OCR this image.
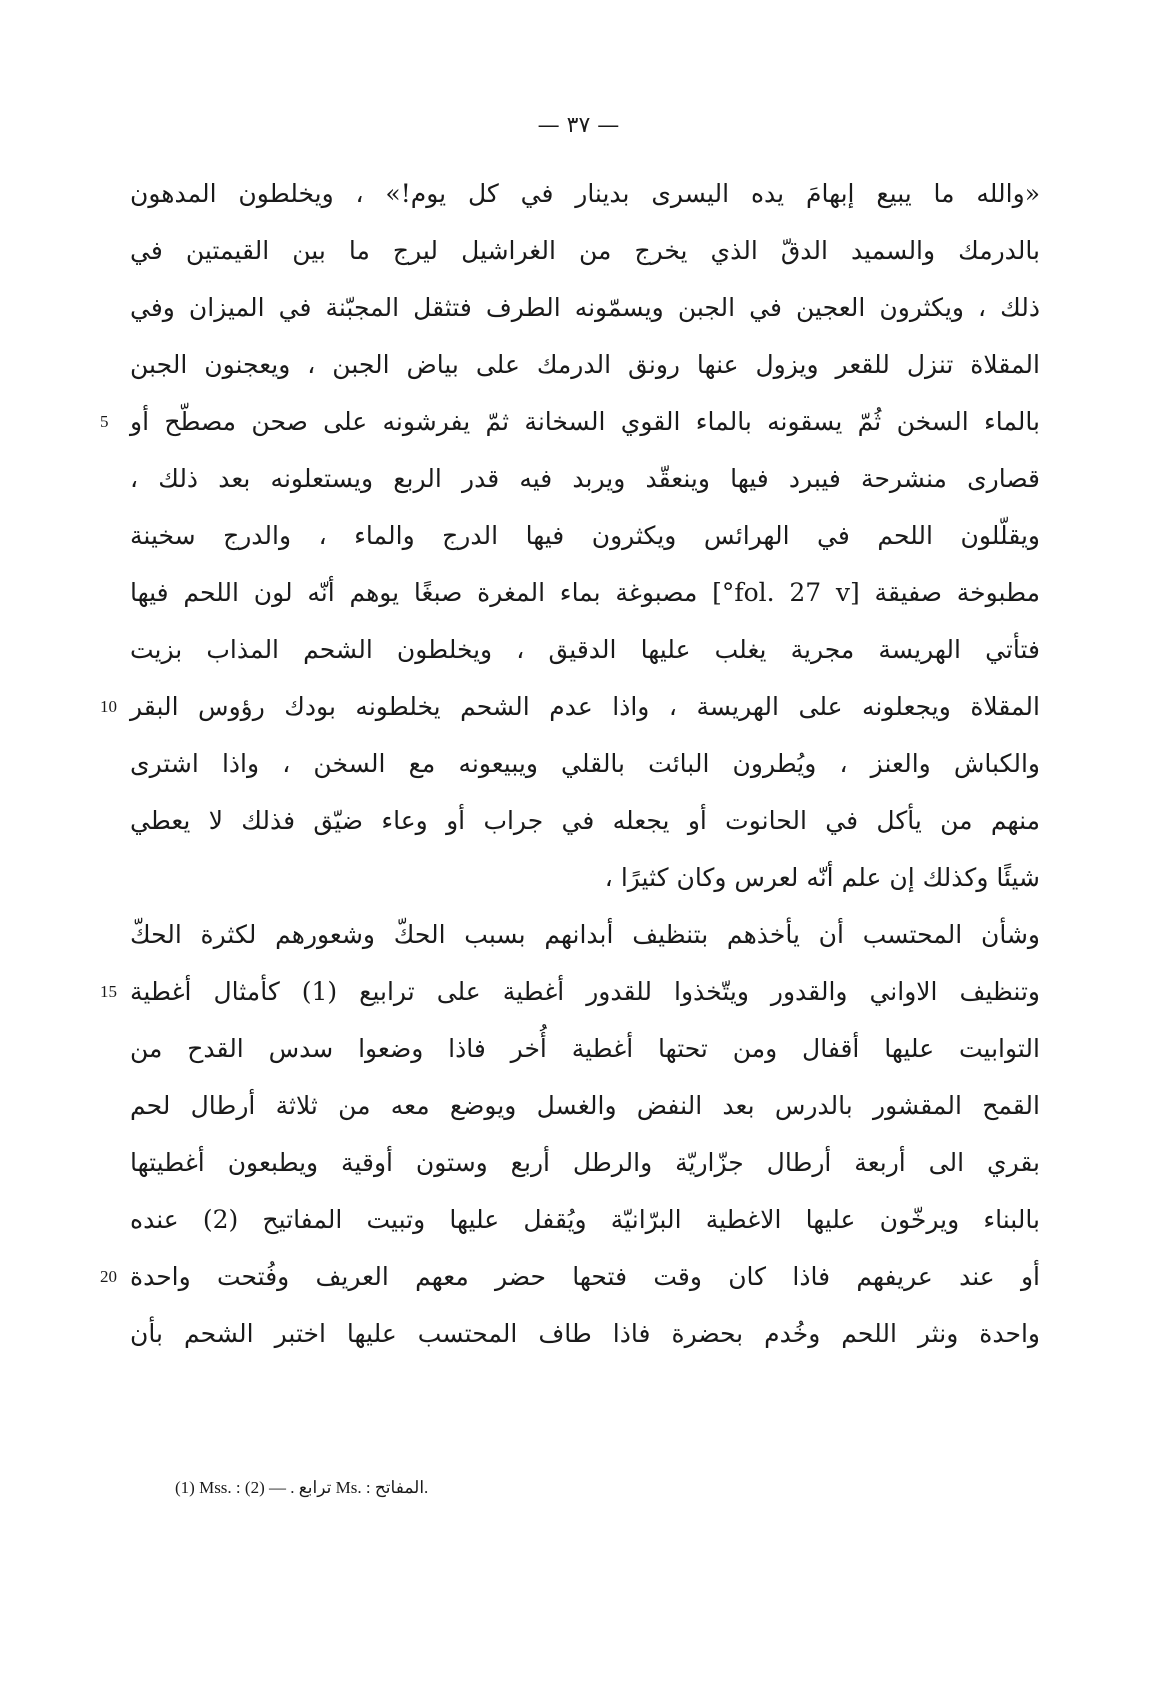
— ٣٧ —
«والله ما يبيع إبهامَ يده اليسرى بدينار في كل يوم!» ، ويخلطون المدهون
بالدرمك والسميد الدقّ الذي يخرج من الغراشيل ليرج ما بين القيمتين في
ذلك ، ويكثرون العجين في الجبن ويسمّونه الطرف فتثقل المجبّنة في الميزان وفي
المقلاة تنزل للقعر ويزول عنها رونق الدرمك على بياض الجبن ، ويعجنون الجبن
بالماء السخن ثُمّ يسقونه بالماء القوي السخانة ثمّ يفرشونه على صحن مصطّح أو
5
قصارى منشرحة فيبرد فيها وينعقّد ويربد فيه قدر الربع ويستعلونه بعد ذلك ،
ويقلّلون اللحم في الهرائس ويكثرون فيها الدرج والماء ، والدرج سخينة
مطبوخة صفيقة [fol. 27 v°] مصبوغة بماء المغرة صبغًا يوهم أنّه لون اللحم فيها
فتأتي الهريسة مجرية يغلب عليها الدقيق ، ويخلطون الشحم المذاب بزيت
المقلاة ويجعلونه على الهريسة ، واذا عدم الشحم يخلطونه بودك رؤوس البقر
10
والكباش والعنز ، ويُطرون البائت بالقلي ويبيعونه مع السخن ، واذا اشترى
منهم من يأكل في الحانوت أو يجعله في جراب أو وعاء ضيّق فذلك لا يعطي
شيئًا وكذلك إن علم أنّه لعرس وكان كثيرًا ،
وشأن المحتسب أن يأخذهم بتنظيف أبدانهم بسبب الحكّ وشعورهم لكثرة الحكّ
وتنظيف الاواني والقدور ويتّخذوا للقدور أغطية على ترابيع (1) كأمثال أغطية
15
التوابيت عليها أقفال ومن تحتها أغطية أُخر فاذا وضعوا سدس القدح من
القمح المقشور بالدرس بعد النفض والغسل ويوضع معه من ثلاثة أرطال لحم
بقري الى أربعة أرطال جزّاريّة والرطل أربع وستون أوقية ويطبعون أغطيتها
بالبناء ويرخّون عليها الاغطية البرّانيّة ويُقفل عليها وتبيت المفاتيح (2) عنده
أو عند عريفهم فاذا كان وقت فتحها حضر معهم العريف وفُتحت واحدة
20
واحدة ونثر اللحم وخُدم بحضرة فاذا طاف المحتسب عليها اختبر الشحم بأن
(1) Mss. : ترابع . — (2) Ms. : المفاتح.
